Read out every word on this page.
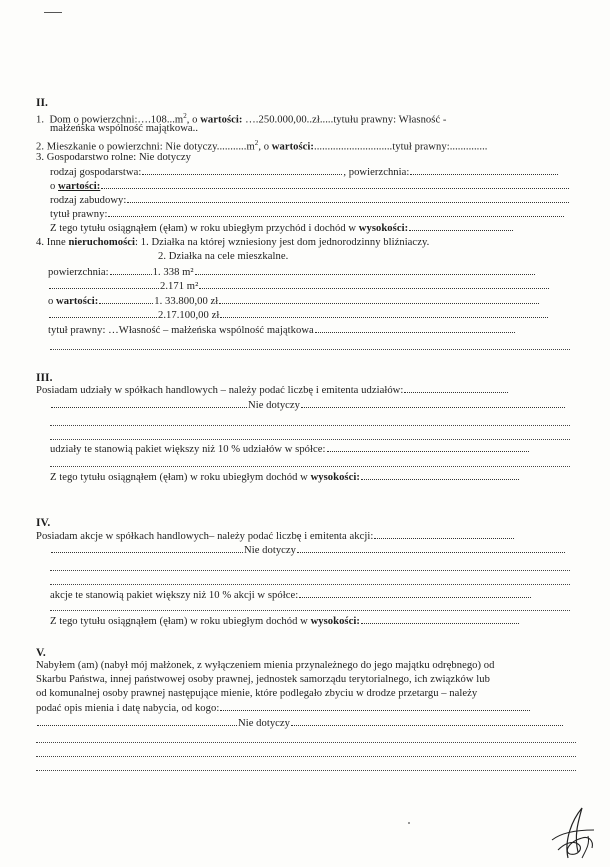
II.
1. Dom o $powierzchni:\dots.108...m^2$, o wartości: ….250.000,00..zł.....tytułu prawny: Własność -
małżeńska wspólność majątkowa..
2. Mieszkanie o powierzchni: Nie $dotyczy...........m^2$, o wartości:.............................tytuł prawny:..............
3. Gospodarstwo rolne: Nie dotyczy
rodzaj gospodarstwa:	, powierzchnia:
o wartości:
rodzaj zabudowy:
tytuł prawny:
Z tego tytułu osiągnąłem (ęłam) w roku ubiegłym przychód i dochód w wysokości:
4. Inne nieruchomości: 1. Działka na której wzniesiony jest dom jednorodzinny bliźniaczy.
2. Działka na cele mieszkalne.
powierzchnia:	1. 338 m²
2.171 m²
o wartości:	1. 33.800,00 zł
2.17.100,00 zł
tytuł prawny: …Własność – małżeńska wspólność majątkowa
III.
Posiadam udziały w spółkach handlowych – należy podać liczbę i emitenta udziałów:
Nie dotyczy
udziały te stanowią pakiet większy niż 10 % udziałów w spółce:
Z tego tytułu osiągnąłem (ęłam) w roku ubiegłym dochód w wysokości:
IV.
Posiadam akcje w spółkach handlowych– należy podać liczbę i emitenta akcji:
Nie dotyczy
akcje te stanowią pakiet większy niż 10 % akcji w spółce:
Z tego tytułu osiągnąłem (ęłam) w roku ubiegłym dochód w wysokości:
V.
Nabyłem (am) (nabył mój małżonek, z wyłączeniem mienia przynależnego do jego majątku odrębnego) od
Skarbu Państwa, innej państwowej osoby prawnej, jednostek samorządu terytorialnego, ich związków lub
od komunalnej osoby prawnej następujące mienie, które podlegało zbyciu w drodze przetargu – należy
podać opis mienia i datę nabycia, od kogo:
Nie dotyczy
